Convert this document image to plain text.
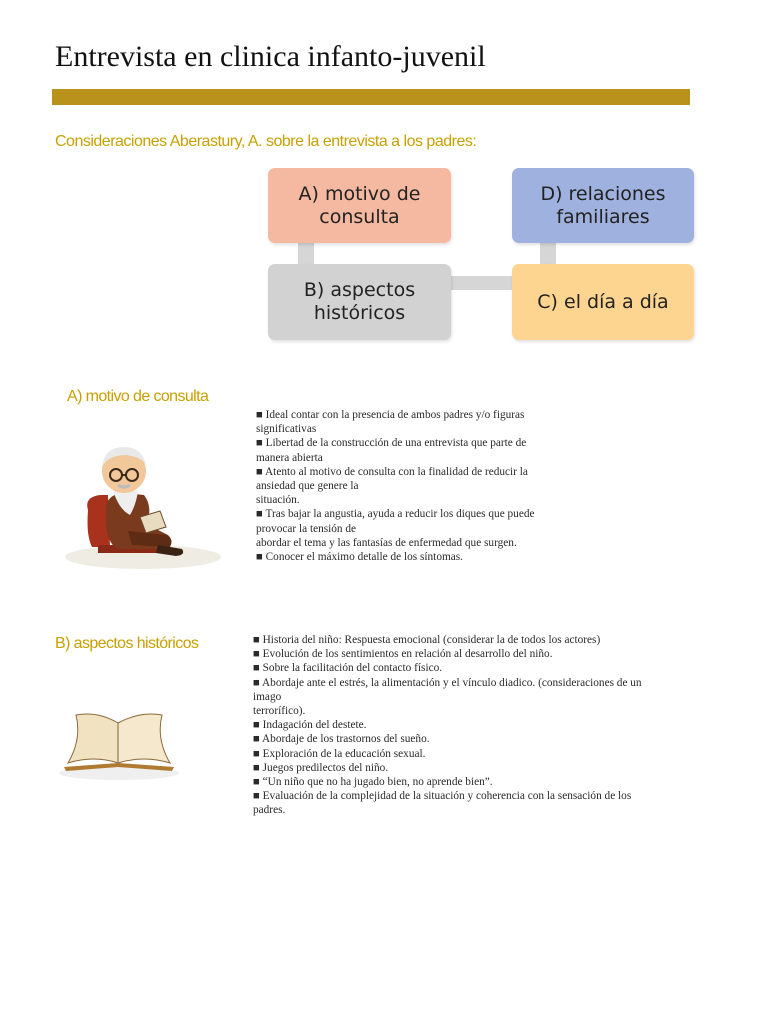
Entrevista en clinica infanto-juvenil
Consideraciones Aberastury, A. sobre la entrevista a los padres:
A) motivo de
consulta
D) relaciones
familiares
B) aspectos
históricos
C) el día a día
A) motivo de consulta
■ Ideal contar con la presencia de ambos padres y/o figuras
significativas
■ Libertad de la construcción de una entrevista que parte de
manera abierta
■ Atento al motivo de consulta con la finalidad de reducir la
ansiedad que genere la
situación.
■ Tras bajar la angustia, ayuda a reducir los diques que puede
provocar la tensión de
abordar el tema y las fantasías de enfermedad que surgen.
■ Conocer el máximo detalle de los síntomas.
B) aspectos históricos	■ Historia del niño: Respuesta emocional (considerar la de todos los actores)
■ Evolución de los sentimientos en relación al desarrollo del niño.
■ Sobre la facilitación del contacto físico.
■ Abordaje ante el estrés, la alimentación y el vínculo diadico. (consideraciones de un
imago
terrorífico).
■ Indagación del destete.
■ Abordaje de los trastornos del sueño.
■ Exploración de la educación sexual.
■ Juegos predilectos del niño.
■ “Un niño que no ha jugado bien, no aprende bien”.
■ Evaluación de la complejidad de la situación y coherencia con la sensación de los
padres.
